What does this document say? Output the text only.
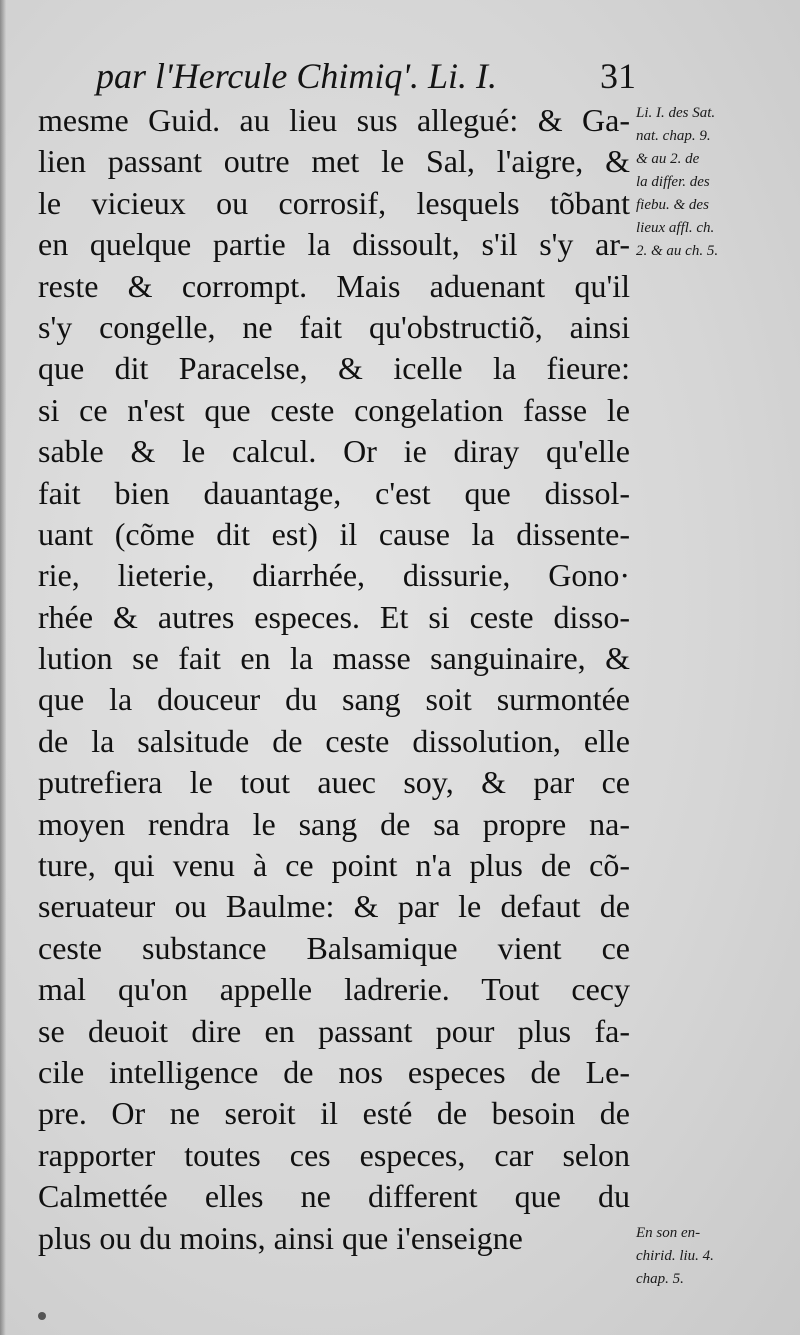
par l'Hercule Chimiq'. Li. I.	31
mesme Guid. au lieu sus allegué: & Ga-
lien passant outre met le Sal, l'aigre, &
le vicieux ou corrosif, lesquels tõbant
en quelque partie la dissoult, s'il s'y ar-
reste & corrompt. Mais aduenant qu'il
s'y congelle, ne fait qu'obstructiõ, ainsi
que dit Paracelse, & icelle la fieure:
si ce n'est que ceste congelation fasse le
sable & le calcul. Or ie diray qu'elle
fait bien dauantage, c'est que dissol-
uant (cõme dit est) il cause la dissente-
rie, lieterie, diarrhée, dissurie, Gono·
rhée & autres especes. Et si ceste disso-
lution se fait en la masse sanguinaire, &
que la douceur du sang soit surmontée
de la salsitude de ceste dissolution, elle
putrefiera le tout auec soy, & par ce
moyen rendra le sang de sa propre na-
ture, qui venu à ce point n'a plus de cõ-
seruateur ou Baulme: & par le defaut de
ceste substance Balsamique vient ce
mal qu'on appelle ladrerie. Tout cecy
se deuoit dire en passant pour plus fa-
cile intelligence de nos especes de Le-
pre. Or ne seroit il esté de besoin de
rapporter toutes ces especes, car selon
Calmettée elles ne different que du
plus ou du moins, ainsi que i'enseigne
Li. I. des Sat.
nat. chap. 9.
& au 2. de
la differ. des
fiebu. & des
lieux affl. ch.
2. & au ch. 5.
En son en-
chirid. liu. 4.
chap. 5.
